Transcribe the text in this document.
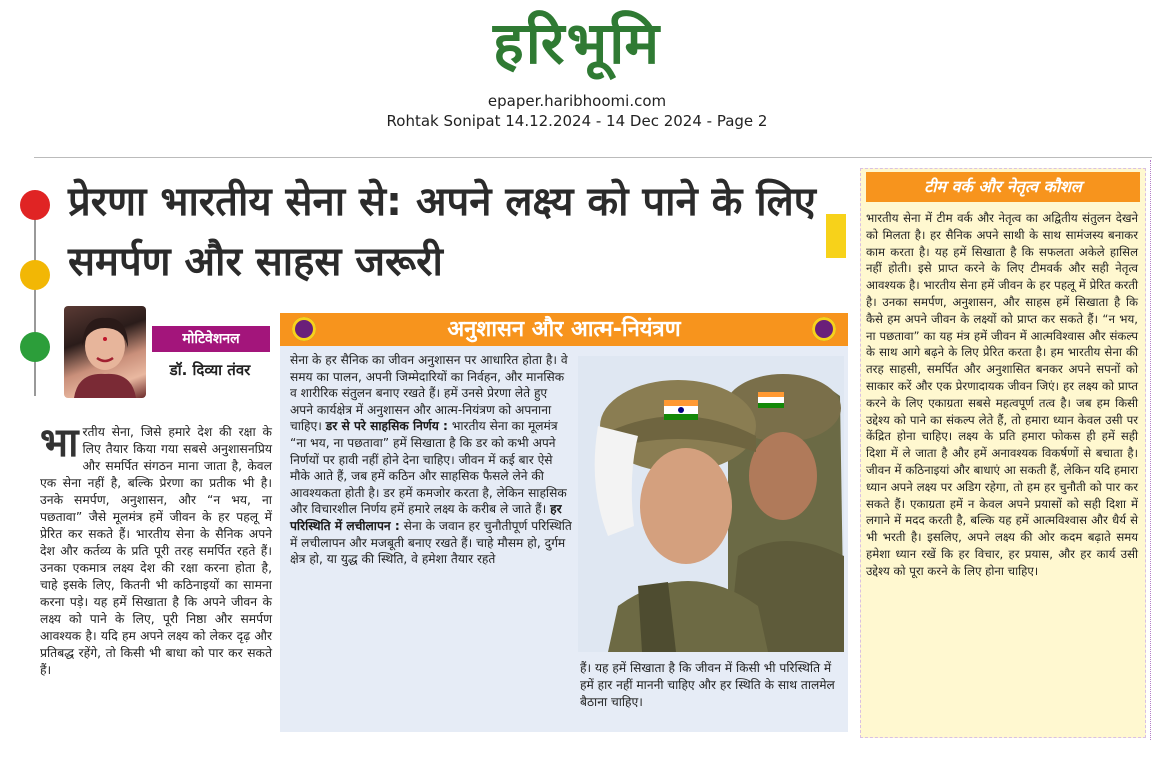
हरिभूमि
epaper.haribhoomi.com
Rohtak Sonipat 14.12.2024 - 14 Dec 2024 - Page 2
प्रेरणा भारतीय सेना से: अपने लक्ष्य को पाने के लिए समर्पण और साहस जरूरी
मोटिवेशनल
डॉ. दिव्या तंवर
भारतीय सेना, जिसे हमारे देश की रक्षा के लिए तैयार किया गया सबसे अनुशासनप्रिय और समर्पित संगठन माना जाता है, केवल एक सेना नहीं है, बल्कि प्रेरणा का प्रतीक भी है। उनके समर्पण, अनुशासन, और “न भय, ना पछतावा” जैसे मूलमंत्र हमें जीवन के हर पहलू में प्रेरित कर सकते हैं। भारतीय सेना के सैनिक अपने देश और कर्तव्य के प्रति पूरी तरह समर्पित रहते हैं। उनका एकमात्र लक्ष्य देश की रक्षा करना होता है, चाहे इसके लिए, कितनी भी कठिनाइयों का सामना करना पड़े। यह हमें सिखाता है कि अपने जीवन के लक्ष्य को पाने के लिए, पूरी निष्ठा और समर्पण आवश्यक है। यदि हम अपने लक्ष्य को लेकर दृढ़ और प्रतिबद्ध रहेंगे, तो किसी भी बाधा को पार कर सकते हैं।
अनुशासन और आत्म-नियंत्रण
सेना के हर सैनिक का जीवन अनुशासन पर आधारित होता है। वे समय का पालन, अपनी जिम्मेदारियों का निर्वहन, और मानसिक व शारीरिक संतुलन बनाए रखते हैं। हमें उनसे प्रेरणा लेते हुए अपने कार्यक्षेत्र में अनुशासन और आत्म-नियंत्रण को अपनाना चाहिए। डर से परे साहसिक निर्णय : भारतीय सेना का मूलमंत्र “ना भय, ना पछतावा” हमें सिखाता है कि डर को कभी अपने निर्णयों पर हावी नहीं होने देना चाहिए। जीवन में कई बार ऐसे मौके आते हैं, जब हमें कठिन और साहसिक फैसले लेने की आवश्यकता होती है। डर हमें कमजोर करता है, लेकिन साहसिक और विचारशील निर्णय हमें हमारे लक्ष्य के करीब ले जाते हैं। हर परिस्थिति में लचीलापन : सेना के जवान हर चुनौतीपूर्ण परिस्थिति में लचीलापन और मजबूती बनाए रखते हैं। चाहे मौसम हो, दुर्गम क्षेत्र हो, या युद्ध की स्थिति, वे हमेशा तैयार रहते
हैं। यह हमें सिखाता है कि जीवन में किसी भी परिस्थिति में हमें हार नहीं माननी चाहिए और हर स्थिति के साथ तालमेल बैठाना चाहिए।
टीम वर्क और नेतृत्व कौशल
भारतीय सेना में टीम वर्क और नेतृत्व का अद्वितीय संतुलन देखने को मिलता है। हर सैनिक अपने साथी के साथ सामंजस्य बनाकर काम करता है। यह हमें सिखाता है कि सफलता अकेले हासिल नहीं होती। इसे प्राप्त करने के लिए टीमवर्क और सही नेतृत्व आवश्यक है। भारतीय सेना हमें जीवन के हर पहलू में प्रेरित करती है। उनका समर्पण, अनुशासन, और साहस हमें सिखाता है कि कैसे हम अपने जीवन के लक्ष्यों को प्राप्त कर सकते हैं। “न भय, ना पछतावा” का यह मंत्र हमें जीवन में आत्मविश्वास और संकल्प के साथ आगे बढ़ने के लिए प्रेरित करता है। हम भारतीय सेना की तरह साहसी, समर्पित और अनुशासित बनकर अपने सपनों को साकार करें और एक प्रेरणादायक जीवन जिएं। हर लक्ष्य को प्राप्त करने के लिए एकाग्रता सबसे महत्वपूर्ण तत्व है। जब हम किसी उद्देश्य को पाने का संकल्प लेते हैं, तो हमारा ध्यान केवल उसी पर केंद्रित होना चाहिए। लक्ष्य के प्रति हमारा फोकस ही हमें सही दिशा में ले जाता है और हमें अनावश्यक विकर्षणों से बचाता है। जीवन में कठिनाइयां और बाधाएं आ सकती हैं, लेकिन यदि हमारा ध्यान अपने लक्ष्य पर अडिग रहेगा, तो हम हर चुनौती को पार कर सकते हैं। एकाग्रता हमें न केवल अपने प्रयासों को सही दिशा में लगाने में मदद करती है, बल्कि यह हमें आत्मविश्वास और धैर्य से भी भरती है। इसलिए, अपने लक्ष्य की ओर कदम बढ़ाते समय हमेशा ध्यान रखें कि हर विचार, हर प्रयास, और हर कार्य उसी उद्देश्य को पूरा करने के लिए होना चाहिए।
